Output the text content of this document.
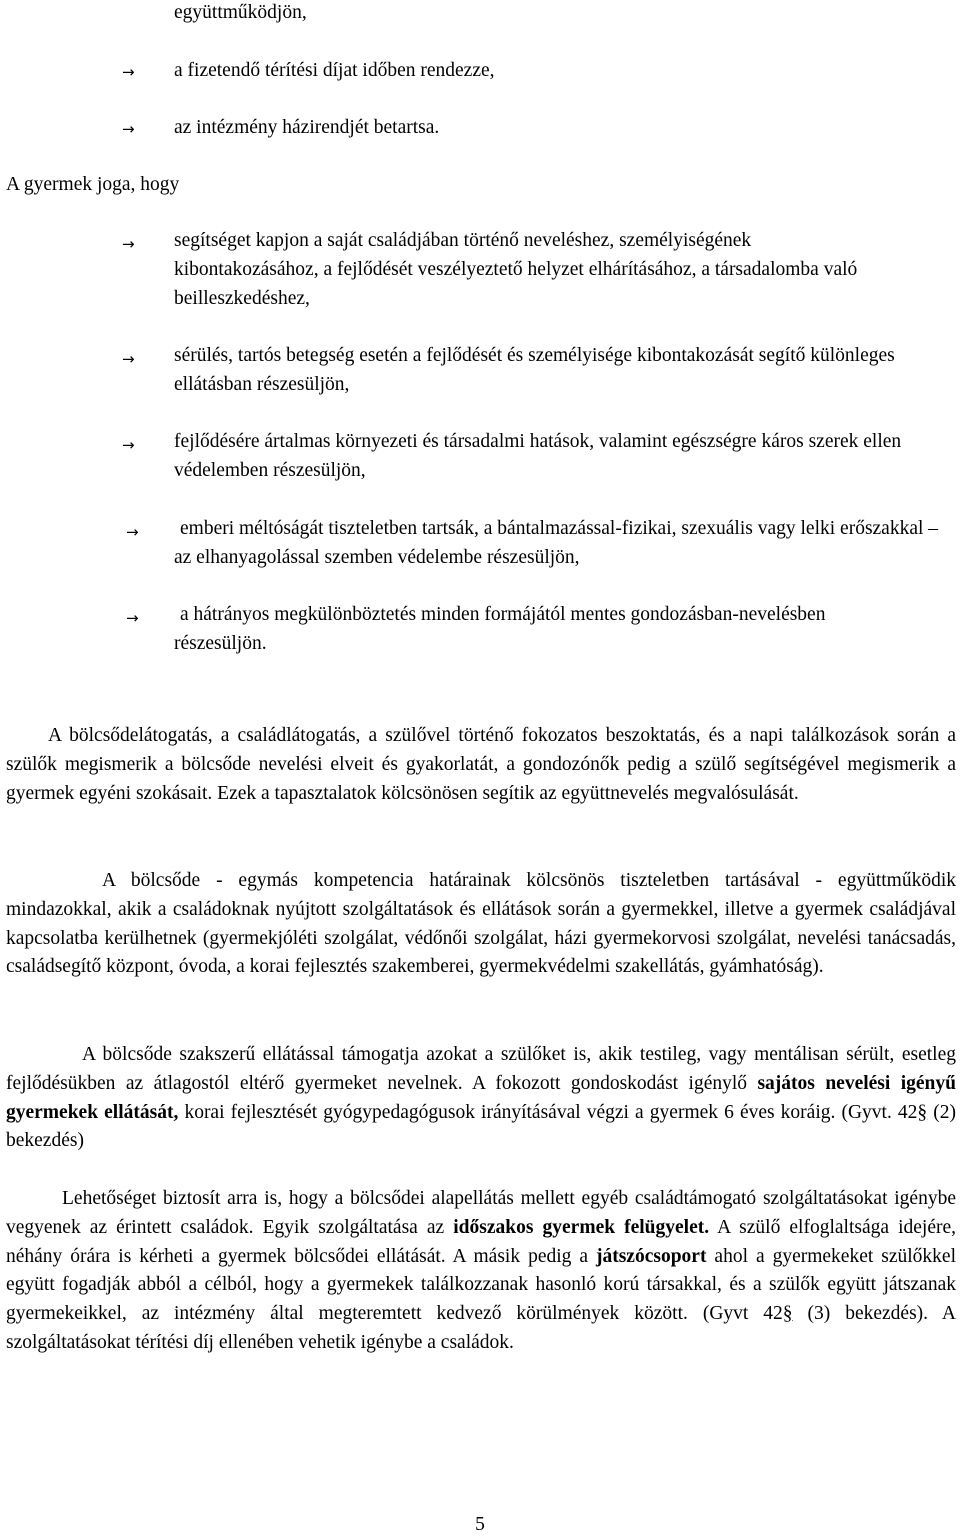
együttműködjön,
→ a fizetendő térítési díjat időben rendezze,
→ az intézmény házirendjét betartsa.
A gyermek joga, hogy
→ segítséget kapjon a saját családjában történő neveléshez, személyiségének kibontakozásához, a fejlődését veszélyeztető helyzet elhárításához, a társadalomba való beilleszkedéshez,
→ sérülés, tartós betegség esetén a fejlődését és személyisége kibontakozását segítő különleges ellátásban részesüljön,
→ fejlődésére ártalmas környezeti és társadalmi hatások, valamint egészségre káros szerek ellen védelemben részesüljön,
→	emberi méltóságát tiszteletben tartsák, a bántalmazással-fizikai, szexuális vagy lelki erőszakkal – az elhanyagolással szemben védelembe részesüljön,
→	a hátrányos megkülönböztetés minden formájától mentes gondozásban-nevelésben részesüljön.
A bölcsődelátogatás, a családlátogatás, a szülővel történő fokozatos beszoktatás, és a napi találkozások során a szülők megismerik a bölcsőde nevelési elveit és gyakorlatát, a gondozónők pedig a szülő segítségével megismerik a gyermek egyéni szokásait. Ezek a tapasztalatok kölcsönösen segítik az együttnevelés megvalósulását.
A bölcsőde - egymás kompetencia határainak kölcsönös tiszteletben tartásával - együttműködik mindazokkal, akik a családoknak nyújtott szolgáltatások és ellátások során a gyermekkel, illetve a gyermek családjával kapcsolatba kerülhetnek (gyermekjóléti szolgálat, védőnői szolgálat, házi gyermekorvosi szolgálat, nevelési tanácsadás, családsegítő központ, óvoda, a korai fejlesztés szakemberei, gyermekvédelmi szakellátás, gyámhatóság).
A bölcsőde szakszerű ellátással támogatja azokat a szülőket is, akik testileg, vagy mentálisan sérült, esetleg fejlődésükben az átlagostól eltérő gyermeket nevelnek. A fokozott gondoskodást igénylő sajátos nevelési igényű gyermekek ellátását, korai fejlesztését gyógypedagógusok irányításával végzi a gyermek 6 éves koráig. (Gyvt. 42§ (2) bekezdés)
Lehetőséget biztosít arra is, hogy a bölcsődei alapellátás mellett egyéb családtámogató szolgáltatásokat igénybe vegyenek az érintett családok. Egyik szolgáltatása az időszakos gyermek felügyelet. A szülő elfoglaltsága idejére, néhány órára is kérheti a gyermek bölcsődei ellátását. A másik pedig a játszócsoport ahol a gyermekeket szülőkkel együtt fogadják abból a célból, hogy a gyermekek találkozzanak hasonló korú társakkal, és a szülők együtt játszanak gyermekeikkel, az intézmény által megteremtett kedvező körülmények között. (Gyvt 42§ (3) bekezdés). A szolgáltatásokat térítési díj ellenében vehetik igénybe a családok.
5
